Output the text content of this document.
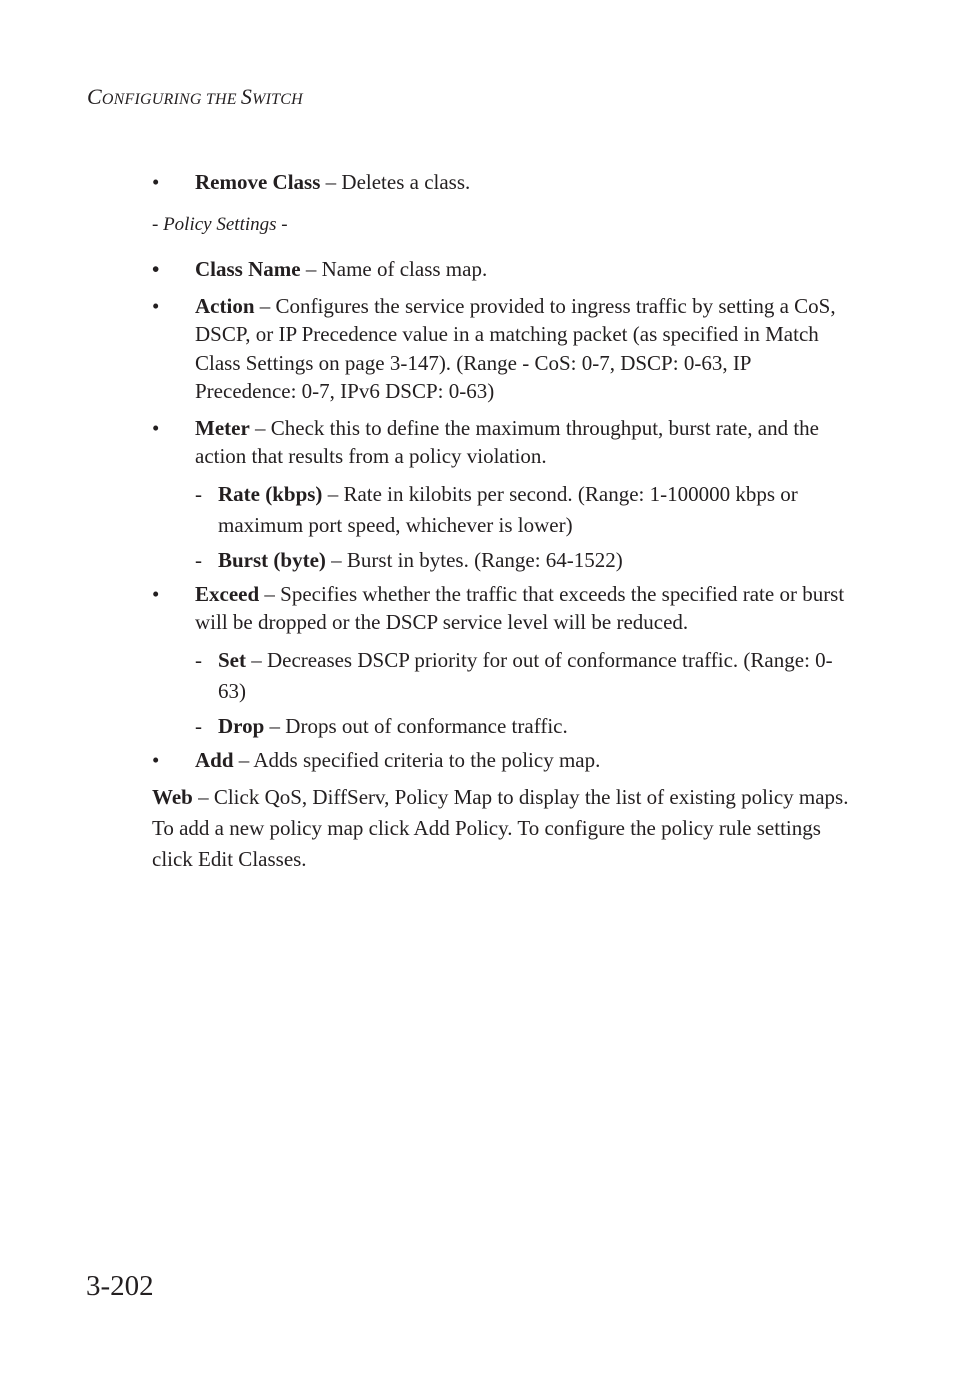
CONFIGURING THE SWITCH
• Remove Class – Deletes a class.
- Policy Settings -
• Class Name – Name of class map.
• Action – Configures the service provided to ingress traffic by setting a CoS, DSCP, or IP Precedence value in a matching packet (as specified in Match Class Settings on page 3-147). (Range - CoS: 0-7, DSCP: 0-63, IP Precedence: 0-7, IPv6 DSCP: 0-63)
• Meter – Check this to define the maximum throughput, burst rate, and the action that results from a policy violation.
- Rate (kbps) – Rate in kilobits per second. (Range: 1-100000 kbps or maximum port speed, whichever is lower)
- Burst (byte) – Burst in bytes. (Range: 64-1522)
• Exceed – Specifies whether the traffic that exceeds the specified rate or burst will be dropped or the DSCP service level will be reduced.
- Set – Decreases DSCP priority for out of conformance traffic. (Range: 0-63)
- Drop – Drops out of conformance traffic.
• Add – Adds specified criteria to the policy map.
Web – Click QoS, DiffServ, Policy Map to display the list of existing policy maps. To add a new policy map click Add Policy. To configure the policy rule settings click Edit Classes.
3-202
